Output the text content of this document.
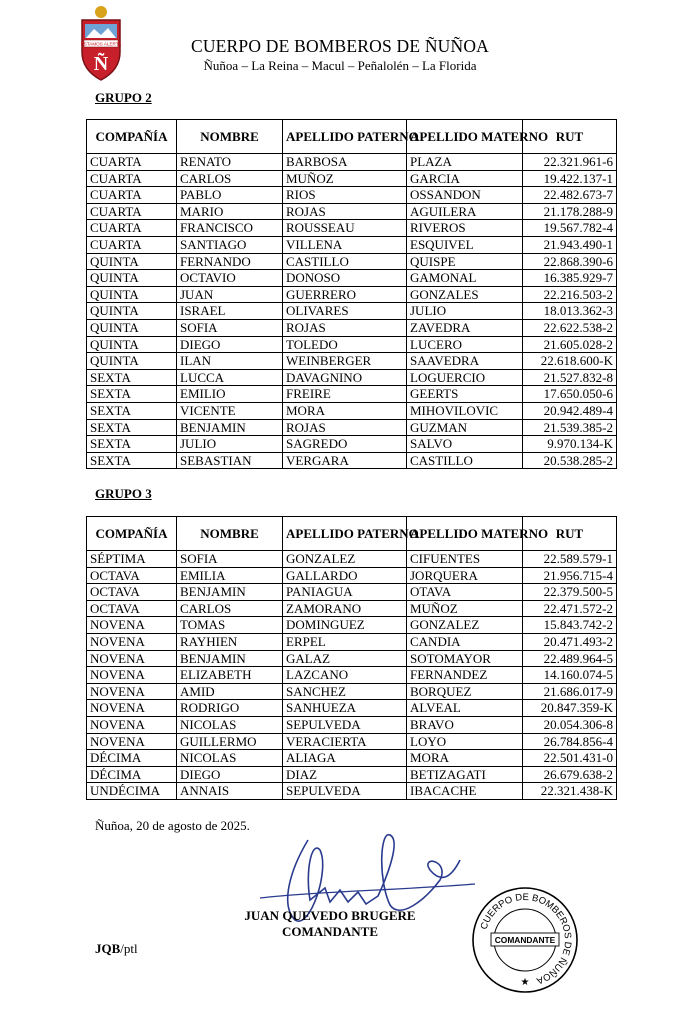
ESTAMOS ALERTA
Ñ
CUERPO DE BOMBEROS DE ÑUÑOA
Ñuñoa – La Reina – Macul – Peñalolén – La Florida
GRUPO 2
COMPAÑÍA	NOMBRE	APELLIDO PATERNO	APELLIDO MATERNO	RUT
CUARTA	RENATO	BARBOSA	PLAZA	22.321.961-6
CUARTA	CARLOS	MUÑOZ	GARCIA	19.422.137-1
CUARTA	PABLO	RIOS	OSSANDON	22.482.673-7
CUARTA	MARIO	ROJAS	AGUILERA	21.178.288-9
CUARTA	FRANCISCO	ROUSSEAU	RIVEROS	19.567.782-4
CUARTA	SANTIAGO	VILLENA	ESQUIVEL	21.943.490-1
QUINTA	FERNANDO	CASTILLO	QUISPE	22.868.390-6
QUINTA	OCTAVIO	DONOSO	GAMONAL	16.385.929-7
QUINTA	JUAN	GUERRERO	GONZALES	22.216.503-2
QUINTA	ISRAEL	OLIVARES	JULIO	18.013.362-3
QUINTA	SOFIA	ROJAS	ZAVEDRA	22.622.538-2
QUINTA	DIEGO	TOLEDO	LUCERO	21.605.028-2
QUINTA	ILAN	WEINBERGER	SAAVEDRA	22.618.600-K
SEXTA	LUCCA	DAVAGNINO	LOGUERCIO	21.527.832-8
SEXTA	EMILIO	FREIRE	GEERTS	17.650.050-6
SEXTA	VICENTE	MORA	MIHOVILOVIC	20.942.489-4
SEXTA	BENJAMIN	ROJAS	GUZMAN	21.539.385-2
SEXTA	JULIO	SAGREDO	SALVO	9.970.134-K
SEXTA	SEBASTIAN	VERGARA	CASTILLO	20.538.285-2
GRUPO 3
COMPAÑÍA	NOMBRE	APELLIDO PATERNO	APELLIDO MATERNO	RUT
SÉPTIMA	SOFIA	GONZALEZ	CIFUENTES	22.589.579-1
OCTAVA	EMILIA	GALLARDO	JORQUERA	21.956.715-4
OCTAVA	BENJAMIN	PANIAGUA	OTAVA	22.379.500-5
OCTAVA	CARLOS	ZAMORANO	MUÑOZ	22.471.572-2
NOVENA	TOMAS	DOMINGUEZ	GONZALEZ	15.843.742-2
NOVENA	RAYHIEN	ERPEL	CANDIA	20.471.493-2
NOVENA	BENJAMIN	GALAZ	SOTOMAYOR	22.489.964-5
NOVENA	ELIZABETH	LAZCANO	FERNANDEZ	14.160.074-5
NOVENA	AMID	SANCHEZ	BORQUEZ	21.686.017-9
NOVENA	RODRIGO	SANHUEZA	ALVEAL	20.847.359-K
NOVENA	NICOLAS	SEPULVEDA	BRAVO	20.054.306-8
NOVENA	GUILLERMO	VERACIERTA	LOYO	26.784.856-4
DÉCIMA	NICOLAS	ALIAGA	MORA	22.501.431-0
DÉCIMA	DIEGO	DIAZ	BETIZAGATI	26.679.638-2
UNDÉCIMA	ANNAIS	SEPULVEDA	IBACACHE	22.321.438-K
Ñuñoa, 20 de agosto de 2025.
JUAN QUEVEDO BRUGERE
COMANDANTE
JQB/ptl
CUERPO DE BOMBEROS DE ÑUÑOA
COMANDANTE
★
